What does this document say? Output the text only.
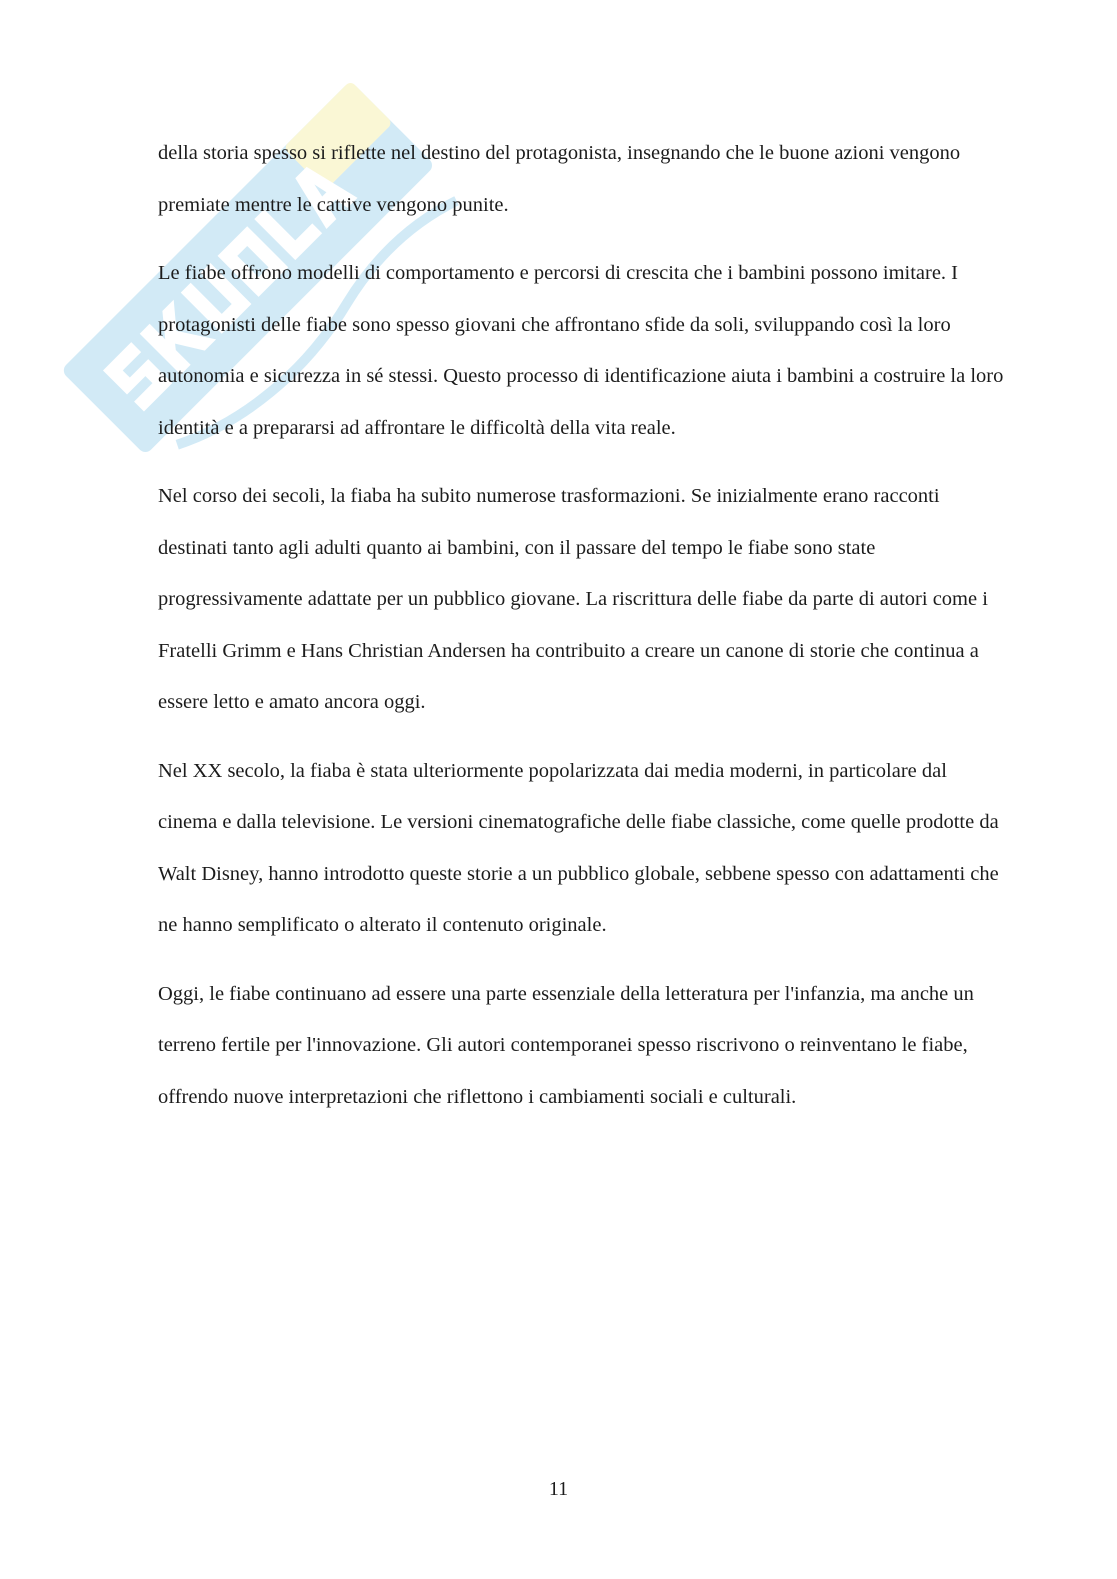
della storia spesso si riflette nel destino del protagonista, insegnando che le buone azioni vengono premiate mentre le cattive vengono punite.

Le fiabe offrono modelli di comportamento e percorsi di crescita che i bambini possono imitare. I protagonisti delle fiabe sono spesso giovani che affrontano sfide da soli, sviluppando così la loro autonomia e sicurezza in sé stessi. Questo processo di identificazione aiuta i bambini a costruire la loro identità e a prepararsi ad affrontare le difficoltà della vita reale.

Nel corso dei secoli, la fiaba ha subito numerose trasformazioni. Se inizialmente erano racconti destinati tanto agli adulti quanto ai bambini, con il passare del tempo le fiabe sono state progressivamente adattate per un pubblico giovane. La riscrittura delle fiabe da parte di autori come i Fratelli Grimm e Hans Christian Andersen ha contribuito a creare un canone di storie che continua a essere letto e amato ancora oggi.

Nel XX secolo, la fiaba è stata ulteriormente popolarizzata dai media moderni, in particolare dal cinema e dalla televisione. Le versioni cinematografiche delle fiabe classiche, come quelle prodotte da Walt Disney, hanno introdotto queste storie a un pubblico globale, sebbene spesso con adattamenti che ne hanno semplificato o alterato il contenuto originale.

Oggi, le fiabe continuano ad essere una parte essenziale della letteratura per l'infanzia, ma anche un terreno fertile per l'innovazione. Gli autori contemporanei spesso riscrivono o reinventano le fiabe, offrendo nuove interpretazioni che riflettono i cambiamenti sociali e culturali.

11
